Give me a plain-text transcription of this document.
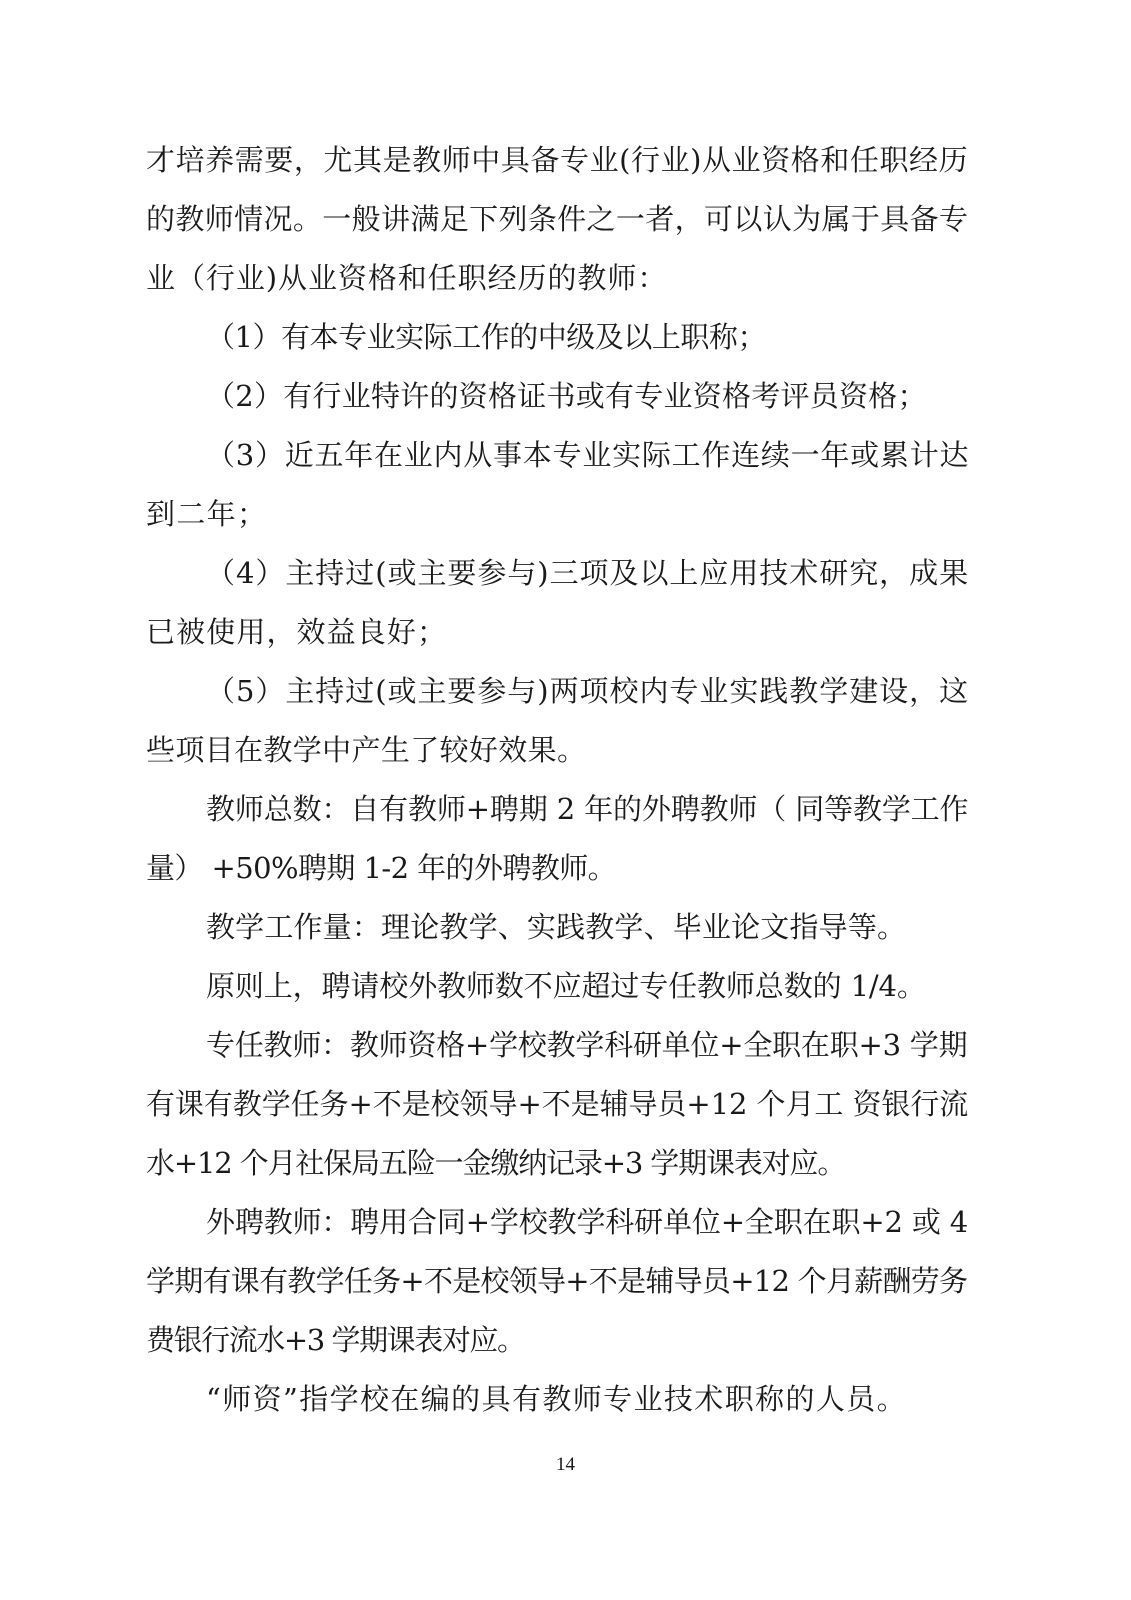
才培养需要，尤其是教师中具备专业(行业)从业资格和任职经历
的教师情况。一般讲满足下列条件之一者，可以认为属于具备专
业（行业)从业资格和任职经历的教师：
（1）有本专业实际工作的中级及以上职称；
（2）有行业特许的资格证书或有专业资格考评员资格；
（3）近五年在业内从事本专业实际工作连续一年或累计达
到二年；
（4）主持过(或主要参与)三项及以上应用技术研究，成果
已被使用，效益良好；
（5）主持过(或主要参与)两项校内专业实践教学建设，这
些项目在教学中产生了较好效果。
教师总数：自有教师+聘期 2 年的外聘教师（ 同等教学工作
量） +50%聘期 1-2 年的外聘教师。
教学工作量：理论教学、实践教学、毕业论文指导等。
原则上，聘请校外教师数不应超过专任教师总数的 1/4。
专任教师：教师资格+学校教学科研单位+全职在职+3 学期
有课有教学任务+不是校领导+不是辅导员+12 个月工 资银行流
水+12 个月社保局五险一金缴纳记录+3 学期课表对应。
外聘教师：聘用合同+学校教学科研单位+全职在职+2 或 4
学期有课有教学任务+不是校领导+不是辅导员+12 个月薪酬劳务
费银行流水+3 学期课表对应。
“师资”指学校在编的具有教师专业技术职称的人员。
14
